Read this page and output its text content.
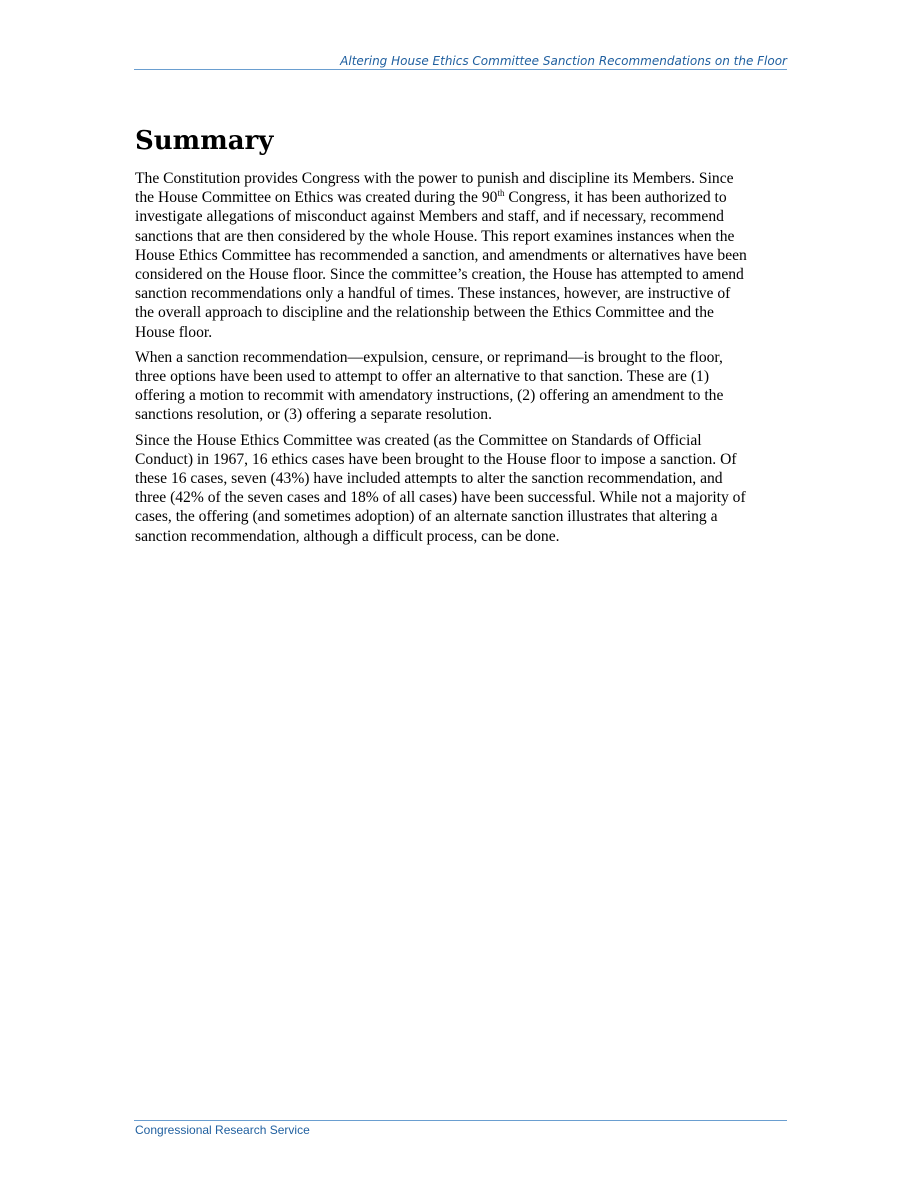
Altering House Ethics Committee Sanction Recommendations on the Floor
Summary

The Constitution provides Congress with the power to punish and discipline its Members. Since
the House Committee on Ethics was created during the 90th Congress, it has been authorized to
investigate allegations of misconduct against Members and staff, and if necessary, recommend
sanctions that are then considered by the whole House. This report examines instances when the
House Ethics Committee has recommended a sanction, and amendments or alternatives have been
considered on the House floor. Since the committee’s creation, the House has attempted to amend
sanction recommendations only a handful of times. These instances, however, are instructive of
the overall approach to discipline and the relationship between the Ethics Committee and the
House floor.

When a sanction recommendation—expulsion, censure, or reprimand—is brought to the floor,
three options have been used to attempt to offer an alternative to that sanction. These are (1)
offering a motion to recommit with amendatory instructions, (2) offering an amendment to the
sanctions resolution, or (3) offering a separate resolution.

Since the House Ethics Committee was created (as the Committee on Standards of Official
Conduct) in 1967, 16 ethics cases have been brought to the House floor to impose a sanction. Of
these 16 cases, seven (43%) have included attempts to alter the sanction recommendation, and
three (42% of the seven cases and 18% of all cases) have been successful. While not a majority of
cases, the offering (and sometimes adoption) of an alternate sanction illustrates that altering a
sanction recommendation, although a difficult process, can be done.

Congressional Research Service
